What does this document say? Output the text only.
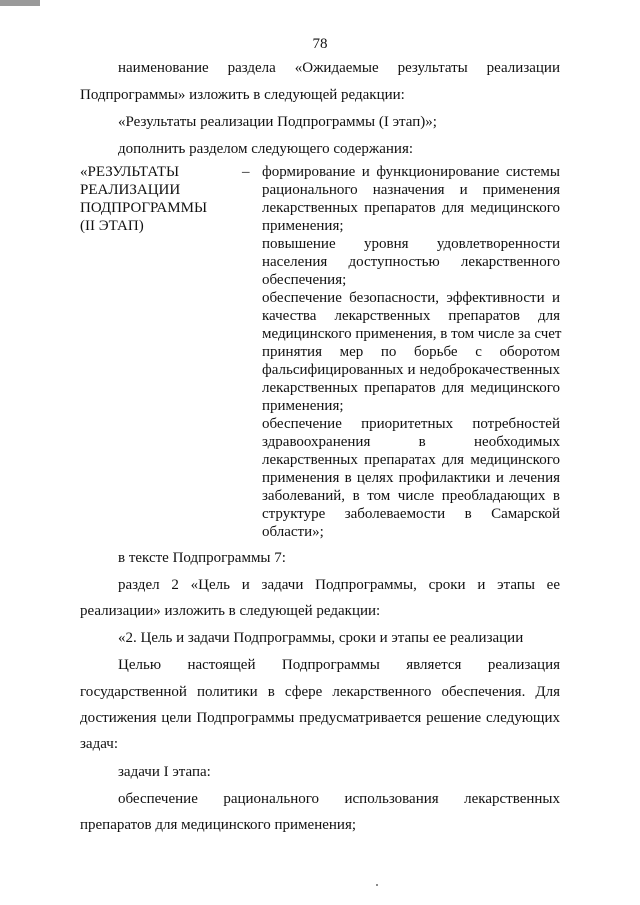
78
наименование раздела «Ожидаемые результаты реализации
Подпрограммы» изложить в следующей редакции:
«Результаты реализации Подпрограммы (I этап)»;
дополнить разделом следующего содержания:
«РЕЗУЛЬТАТЫ
РЕАЛИЗАЦИИ
ПОДПРОГРАММЫ
(II ЭТАП)
– формирование и функционирование системы
рационального назначения и применения
лекарственных препаратов для медицинского
применения;
повышение уровня удовлетворенности
населения доступностью лекарственного
обеспечения;
обеспечение безопасности, эффективности и
качества лекарственных препаратов для
медицинского применения, в том числе за счет
принятия мер по борьбе с оборотом
фальсифицированных и недоброкачественных
лекарственных препаратов для медицинского
применения;
обеспечение приоритетных потребностей
здравоохранения в необходимых
лекарственных препаратах для медицинского
применения в целях профилактики и лечения
заболеваний, в том числе преобладающих в
структуре заболеваемости в Самарской
области»;
в тексте Подпрограммы 7:
раздел 2 «Цель и задачи Подпрограммы, сроки и этапы ее
реализации» изложить в следующей редакции:
«2. Цель и задачи Подпрограммы, сроки и этапы ее реализации
Целью настоящей Подпрограммы является реализация
государственной политики в сфере лекарственного обеспечения. Для
достижения цели Подпрограммы предусматривается решение следующих
задач:
задачи I этапа:
обеспечение рационального использования лекарственных
препаратов для медицинского применения;
